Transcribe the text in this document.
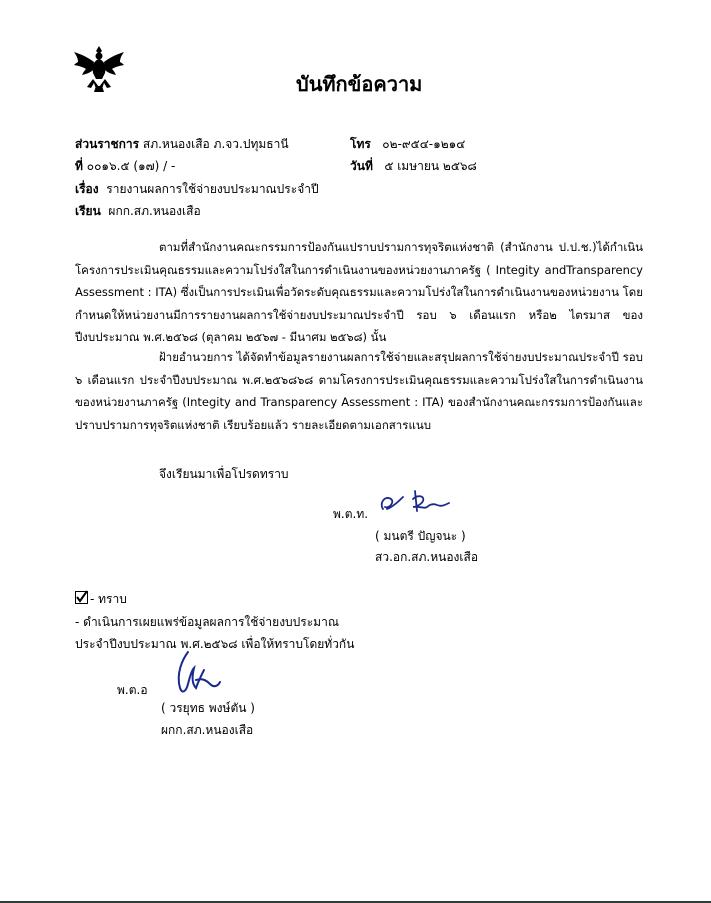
บันทึกข้อความ
ส่วนราชการ สภ.หนองเสือ ภ.จว.ปทุมธานี	โทร ๐๒-๙๕๔-๑๒๑๔
ที่ ๐๐๑๖.๕ (๑๗) / -	วันที่ ๕ เมษายน ๒๕๖๘
เรื่อง รายงานผลการใช้จ่ายงบประมาณประจำปี
เรียน ผกก.สภ.หนองเสือ
ตามที่สำนักงานคณะกรรมการป้องกันแปราบปรามการทุจริตแห่งชาติ (สำนักงาน ป.ป.ช.)ได้กำเนินโครงการประเมินคุณธรรมและความโปร่งใสในการดำเนินงานของหน่วยงานภาครัฐ ( Integity andTransparency Assessment : ITA) ซึ่งเป็นการประเมินเพื่อวัดระดับคุณธรรมและความโปร่งใสในการดำเนินงานของหน่วยงาน โดยกำหนดให้หน่วยงานมีการรายงานผลการใช้จ่ายงบประมาณประจำปี รอบ ๖ เดือนแรก หรือ๒ ไตรมาส ของปีงบประมาณ พ.ศ.๒๕๖๘ (ตุลาคม ๒๕๖๗ - มีนาศม ๒๕๖๘) นั้น
ฝ้ายอำนวยการ ได้จัดทำข้อมูลรายงานผลการใช้จ่ายและสรุปผลการใช้จ่ายงบประมาณประจำปี รอบ ๖ เดือนแรก ประจำปีงบประมาณ พ.ศ.๒๕๖๘๖๘ ตามโครงการประเมินคุณธรรมและความโปร่งใสในการดำเนินงานของหน่วยงานภาครัฐ (Integity and Transparency Assessment : ITA) ของสำนักงานคณะกรรมการป้องกันและปราบปรามการทุจริตแห่งชาติ เรียบร้อยแล้ว รายละเอียดตามเอกสารแนบ
จึงเรียนมาเพื่อโปรดทราบ
พ.ต.ท.
( มนตรี ปัญจนะ )
สว.อก.สภ.หนองเสือ
- ทราบ
- ดำเนินการเผยแพร่ข้อมูลผลการใช้จ่ายงบประมาณ
ประจำปีงบประมาณ พ.ศ.๒๕๖๘ เพื่อให้ทราบโดยทั่วกัน
พ.ต.อ
( วรยุทธ พงษ์ตัน )
ผกก.สภ.หนองเสือ
